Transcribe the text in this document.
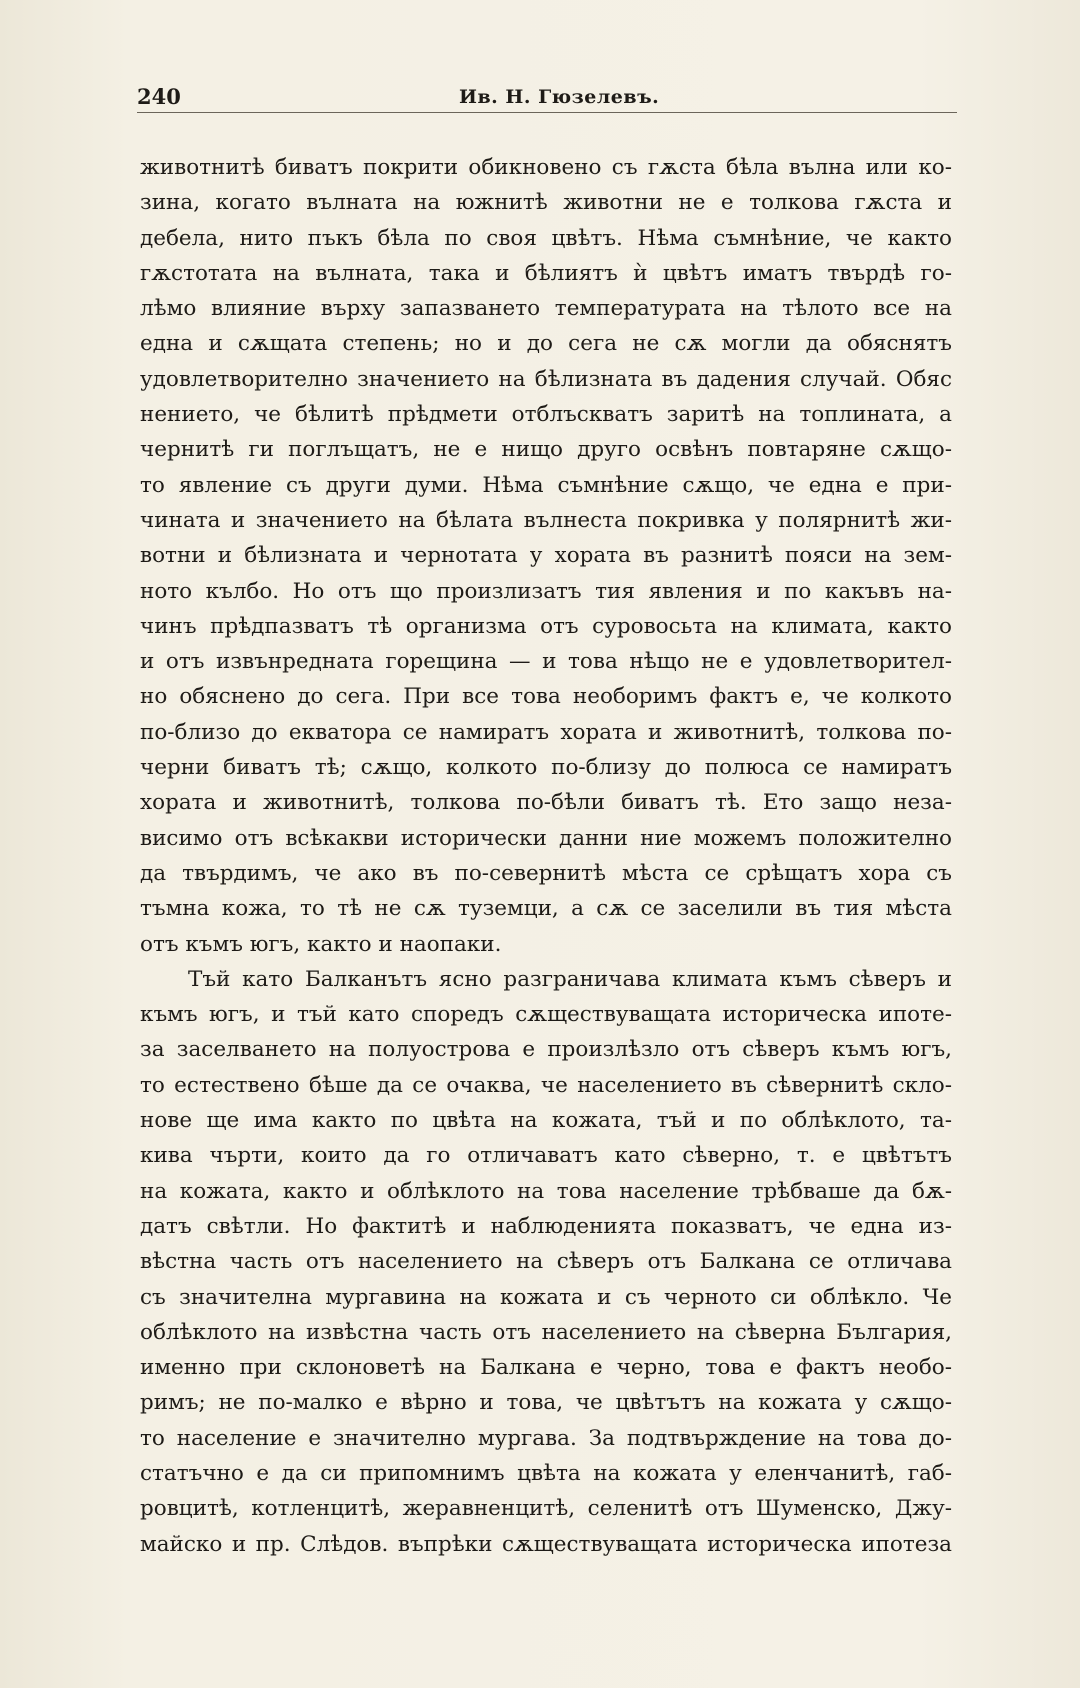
240	Ив. Н. Гюзелевъ.
животнитѣ биватъ покрити обикновено съ гѫста бѣла вълна или ко-
зина, когато вълната на южнитѣ животни не е толкова гѫста и
дебела, нито пъкъ бѣла по своя цвѣтъ. Нѣма съмнѣние, че както
гѫстотата на вълната, така и бѣлиятъ ѝ цвѣтъ иматъ твърдѣ го-
лѣмо влияние върху запазването температурата на тѣлото все на
една и сѫщата степень; но и до сега не сѫ могли да обяснятъ
удовлетворително значението на бѣлизната въ дадения случай. Обяс
нението, че бѣлитѣ прѣдмети отблъскватъ заритѣ на топлината, а
чернитѣ ги поглъщатъ, не е нищо друго освѣнъ повтаряне сѫщо-
то явление съ други думи. Нѣма съмнѣние сѫщо, че една е при-
чината и значението на бѣлата вълнеста покривка у полярнитѣ жи-
вотни и бѣлизната и чернотата у хората въ разнитѣ пояси на зем-
ното кълбо. Но отъ що произлизатъ тия явления и по какъвъ на-
чинъ прѣдпазватъ тѣ организма отъ суровосьта на климата, както
и отъ извънредната горещина — и това нѣщо не е удовлетворител-
но обяснено до сега. При все това необоримъ фактъ е, че колкото
по-близо до екватора се намиратъ хората и животнитѣ, толкова по-
черни биватъ тѣ; сѫщо, колкото по-близу до полюса се намиратъ
хората и животнитѣ, толкова по-бѣли биватъ тѣ. Ето защо неза-
висимо отъ всѣкакви исторически данни ние можемъ положително
да твърдимъ, че ако въ по-севернитѣ мѣста се срѣщатъ хора съ
тъмна кожа, то тѣ не сѫ туземци, а сѫ се заселили въ тия мѣста
отъ къмъ югъ, както и наопаки.
Тъй като Балканътъ ясно разграничава климата къмъ сѣверъ и
къмъ югъ, и тъй като споредъ сѫществуващата историческа ипоте-
за заселването на полуострова е произлѣзло отъ сѣверъ къмъ югъ,
то естествено бѣше да се очаква, че населението въ сѣвернитѣ скло-
нове ще има както по цвѣта на кожата, тъй и по облѣклото, та-
кива чърти, които да го отличаватъ като сѣверно, т. е цвѣтътъ
на кожата, както и облѣклото на това население трѣбваше да бѫ-
датъ свѣтли. Но фактитѣ и наблюденията показватъ, че една из-
вѣстна часть отъ населението на сѣверъ отъ Балкана се отличава
съ значителна мургавина на кожата и съ черното си облѣкло. Че
облѣклото на извѣстна часть отъ населението на сѣверна България,
именно при склоноветѣ на Балкана е черно, това е фактъ необо-
римъ; не по-малко е вѣрно и това, че цвѣтътъ на кожата у сѫщо-
то население е значително мургава. За подтвърждение на това до-
статъчно е да си припомнимъ цвѣта на кожата у еленчанитѣ, габ-
ровцитѣ, котленцитѣ, жеравненцитѣ, селенитѣ отъ Шуменско, Джу-
майско и пр. Слѣдов. въпрѣки сѫществуващата историческа ипотеза
